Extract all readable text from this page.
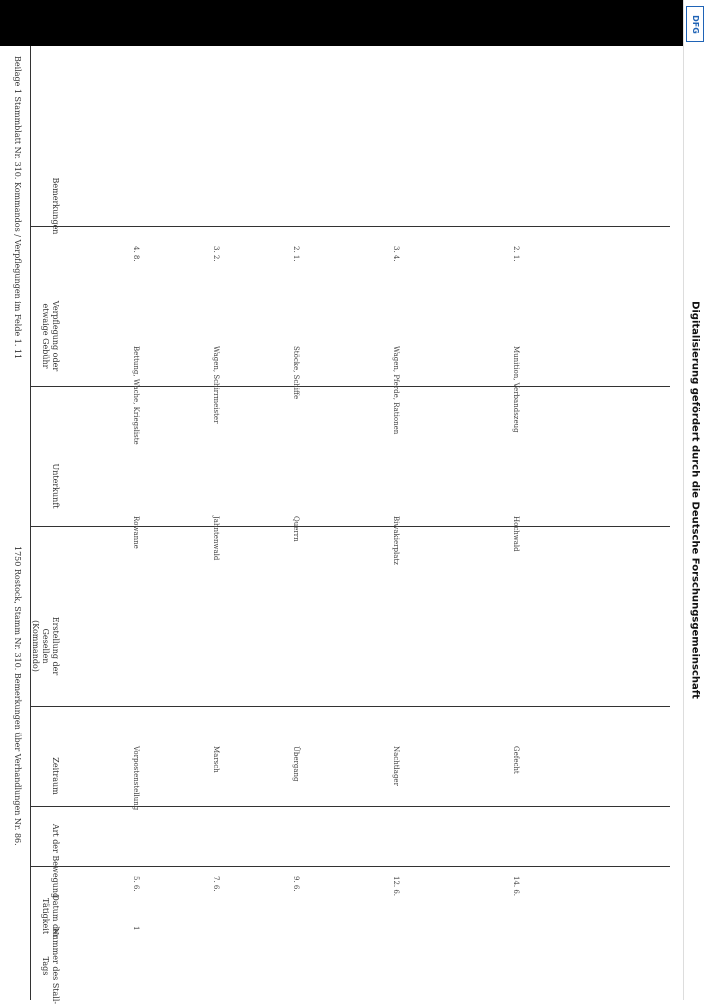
DFG
Digitalisierung gefördert durch die Deutsche Forschungsgemeinschaft
1750 Rostock, Stamm Nr. 310. Bemerkungen über Verhandlungen Nr. 86.
Beilage 1 Stammblatt Nr. 310. Kommandos / Verpflegungen im Felde 1. 11
Nummer des Stall-Tags
Datum der Tätigkeit
Art der Bewegung
Zeitraum
Erstellung der Gesellen (Kommando)
Unterkunft
Verpflegung oder etwaige Gebühr
Bemerkungen
1
5. 6.
Vorpostenstellung
Rowanne
Bettung, Wache, Kriegsliste
4. 8.
7. 6.
Marsch
Jahntenwald
Wagen, Schirrmeister
3. 2.
9. 6.
Übergang
Querrn
Stöcke, Schiffe
2. 1.
12. 6.
Nachtlager
Biwakierplatz
Wagen, Pferde, Rationen
3. 4.
14. 6.
Gefecht
Hochwald
Munition, Verbandszeug
2. 1.
